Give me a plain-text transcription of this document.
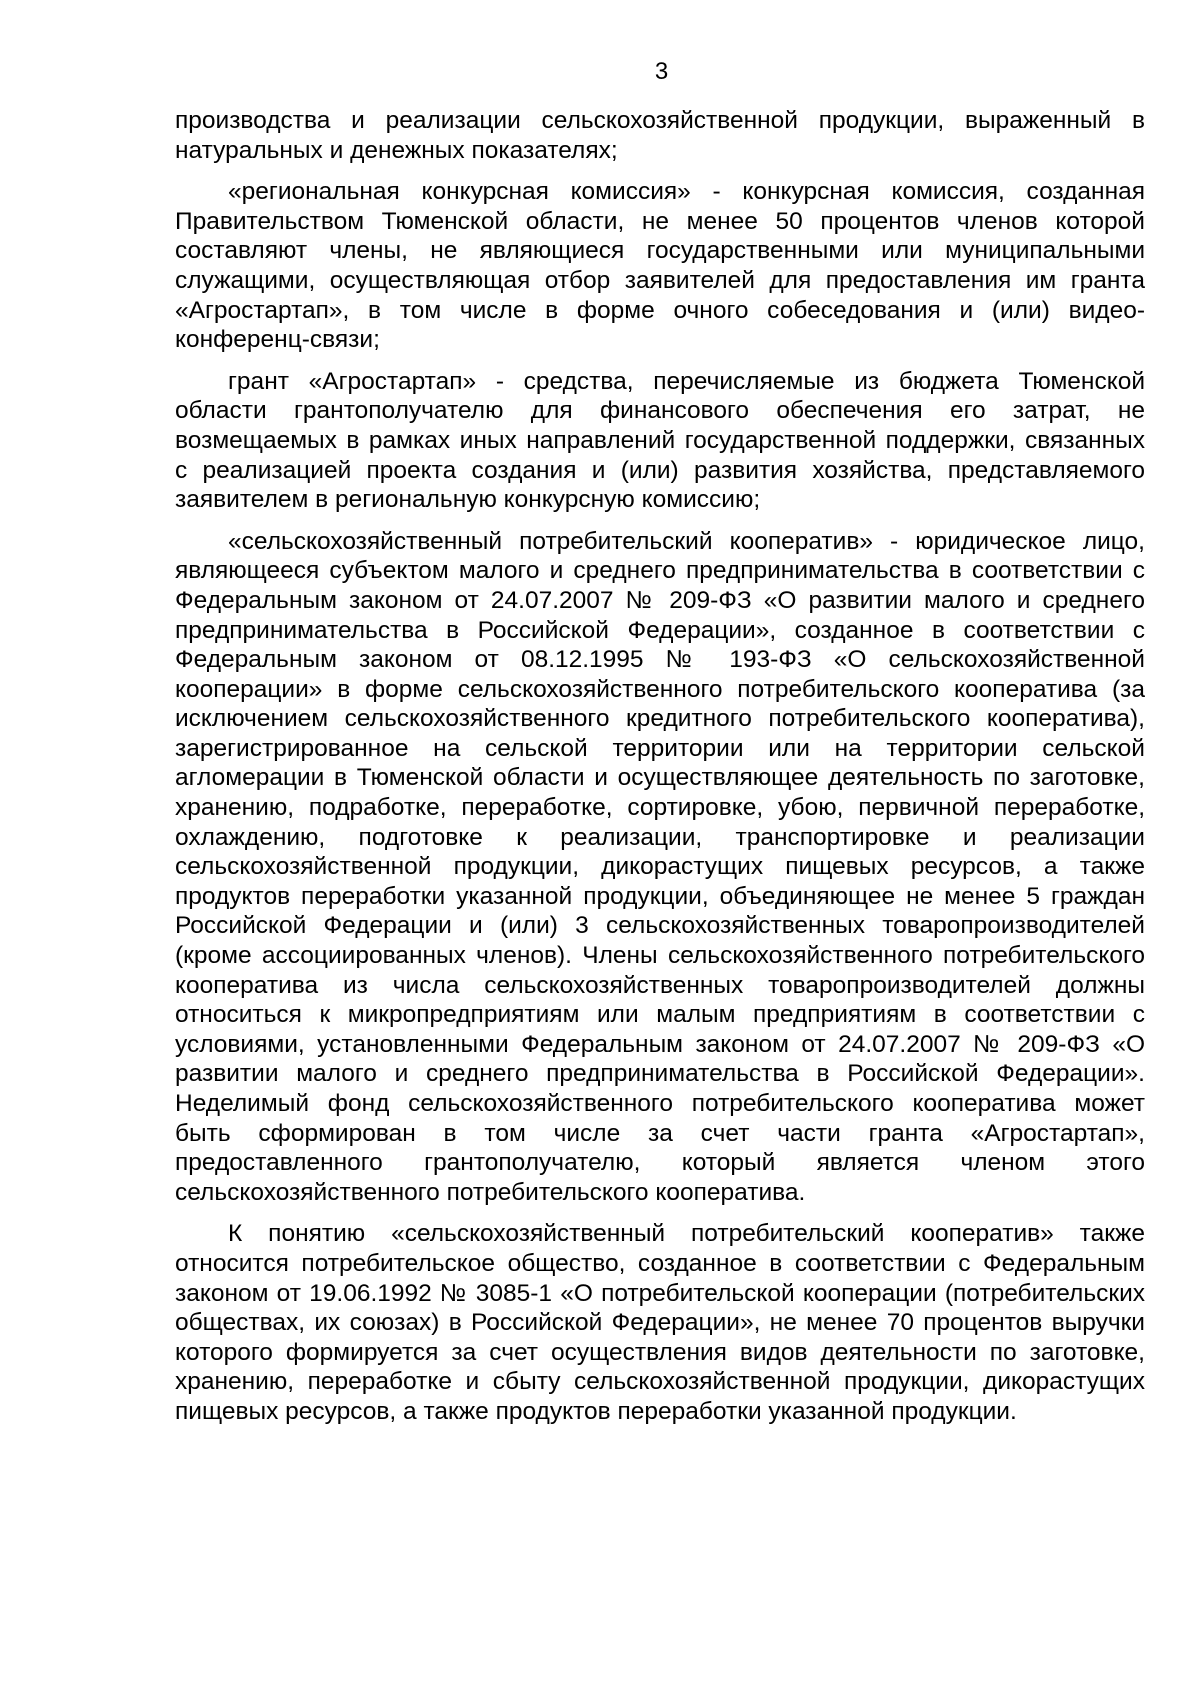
3

производства и реализации сельскохозяйственной продукции, выраженный в натуральных и денежных показателях;

«региональная конкурсная комиссия» - конкурсная комиссия, созданная Правительством Тюменской области, не менее 50 процентов членов которой составляют члены, не являющиеся государственными или муниципальными служащими, осуществляющая отбор заявителей для предоставления им гранта «Агростартап», в том числе в форме очного собеседования и (или) видео-конференц-связи;

грант «Агростартап» - средства, перечисляемые из бюджета Тюменской области грантополучателю для финансового обеспечения его затрат, не возмещаемых в рамках иных направлений государственной поддержки, связанных с реализацией проекта создания и (или) развития хозяйства, представляемого заявителем в региональную конкурсную комиссию;

«сельскохозяйственный потребительский кооператив» - юридическое лицо, являющееся субъектом малого и среднего предпринимательства в соответствии с Федеральным законом от 24.07.2007 № 209-ФЗ «О развитии малого и среднего предпринимательства в Российской Федерации», созданное в соответствии с Федеральным законом от 08.12.1995 № 193-ФЗ «О сельскохозяйственной кооперации» в форме сельскохозяйственного потребительского кооператива (за исключением сельскохозяйственного кредитного потребительского кооператива), зарегистрированное на сельской территории или на территории сельской агломерации в Тюменской области и осуществляющее деятельность по заготовке, хранению, подработке, переработке, сортировке, убою, первичной переработке, охлаждению, подготовке к реализации, транспортировке и реализации сельскохозяйственной продукции, дикорастущих пищевых ресурсов, а также продуктов переработки указанной продукции, объединяющее не менее 5 граждан Российской Федерации и (или) 3 сельскохозяйственных товаропроизводителей (кроме ассоциированных членов). Члены сельскохозяйственного потребительского кооператива из числа сельскохозяйственных товаропроизводителей должны относиться к микропредприятиям или малым предприятиям в соответствии с условиями, установленными Федеральным законом от 24.07.2007 № 209-ФЗ «О развитии малого и среднего предпринимательства в Российской Федерации». Неделимый фонд сельскохозяйственного потребительского кооператива может быть сформирован в том числе за счет части гранта «Агростартап», предоставленного грантополучателю, который является членом этого сельскохозяйственного потребительского кооператива.

К понятию «сельскохозяйственный потребительский кооператив» также относится потребительское общество, созданное в соответствии с Федеральным законом от 19.06.1992 № 3085-1 «О потребительской кооперации (потребительских обществах, их союзах) в Российской Федерации», не менее 70 процентов выручки которого формируется за счет осуществления видов деятельности по заготовке, хранению, переработке и сбыту сельскохозяйственной продукции, дикорастущих пищевых ресурсов, а также продуктов переработки указанной продукции.
